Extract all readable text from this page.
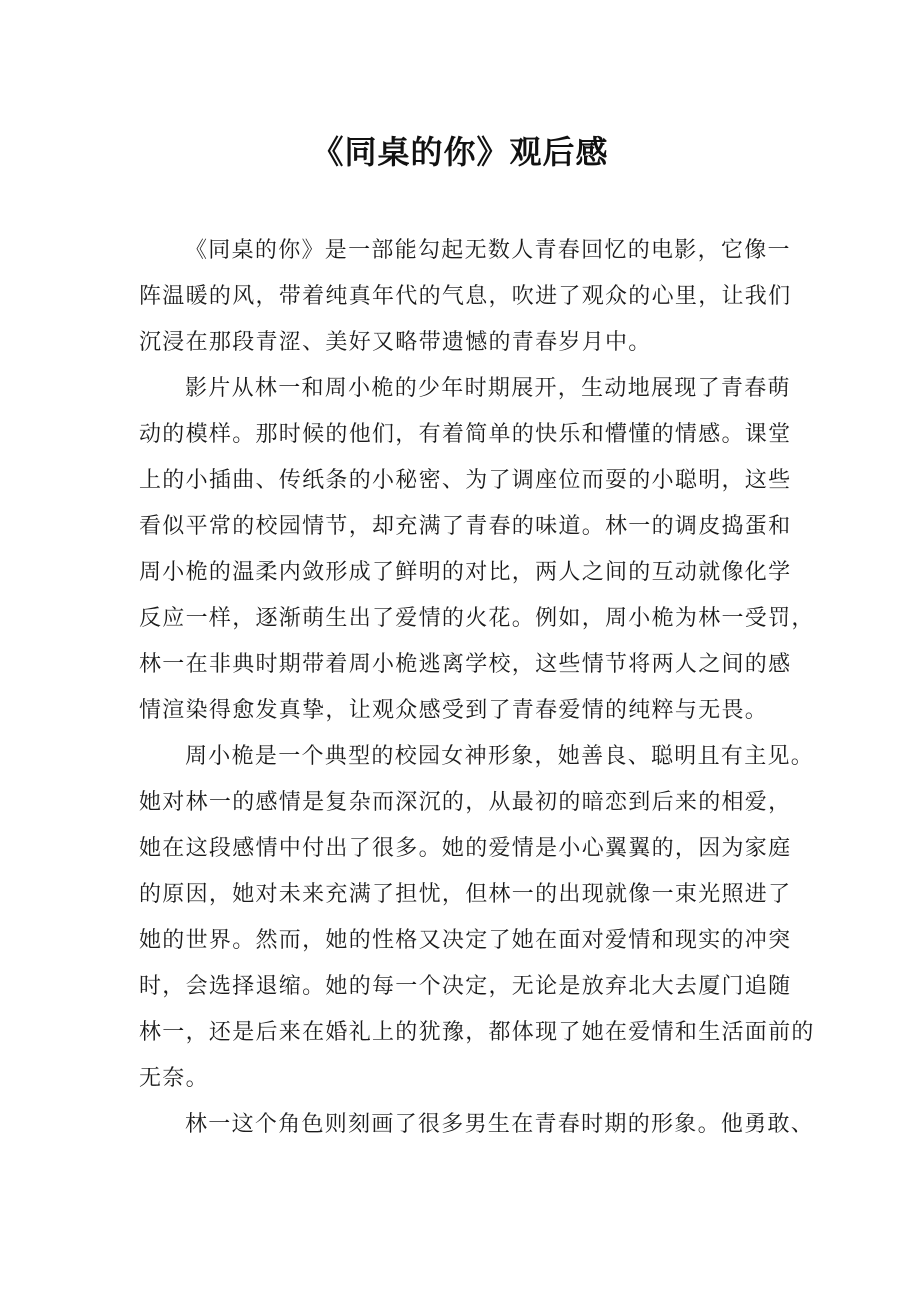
《同桌的你》观后感
《同桌的你》是一部能勾起无数人青春回忆的电影，它像一
阵温暖的风，带着纯真年代的气息，吹进了观众的心里，让我们
沉浸在那段青涩、美好又略带遗憾的青春岁月中。
影片从林一和周小桅的少年时期展开，生动地展现了青春萌
动的模样。那时候的他们，有着简单的快乐和懵懂的情感。课堂
上的小插曲、传纸条的小秘密、为了调座位而耍的小聪明，这些
看似平常的校园情节，却充满了青春的味道。林一的调皮捣蛋和
周小桅的温柔内敛形成了鲜明的对比，两人之间的互动就像化学
反应一样，逐渐萌生出了爱情的火花。例如，周小桅为林一受罚，
林一在非典时期带着周小桅逃离学校，这些情节将两人之间的感
情渲染得愈发真挚，让观众感受到了青春爱情的纯粹与无畏。
周小桅是一个典型的校园女神形象，她善良、聪明且有主见。
她对林一的感情是复杂而深沉的，从最初的暗恋到后来的相爱，
她在这段感情中付出了很多。她的爱情是小心翼翼的，因为家庭
的原因，她对未来充满了担忧，但林一的出现就像一束光照进了
她的世界。然而，她的性格又决定了她在面对爱情和现实的冲突
时，会选择退缩。她的每一个决定，无论是放弃北大去厦门追随
林一，还是后来在婚礼上的犹豫，都体现了她在爱情和生活面前的
无奈。
林一这个角色则刻画了很多男生在青春时期的形象。他勇敢、
